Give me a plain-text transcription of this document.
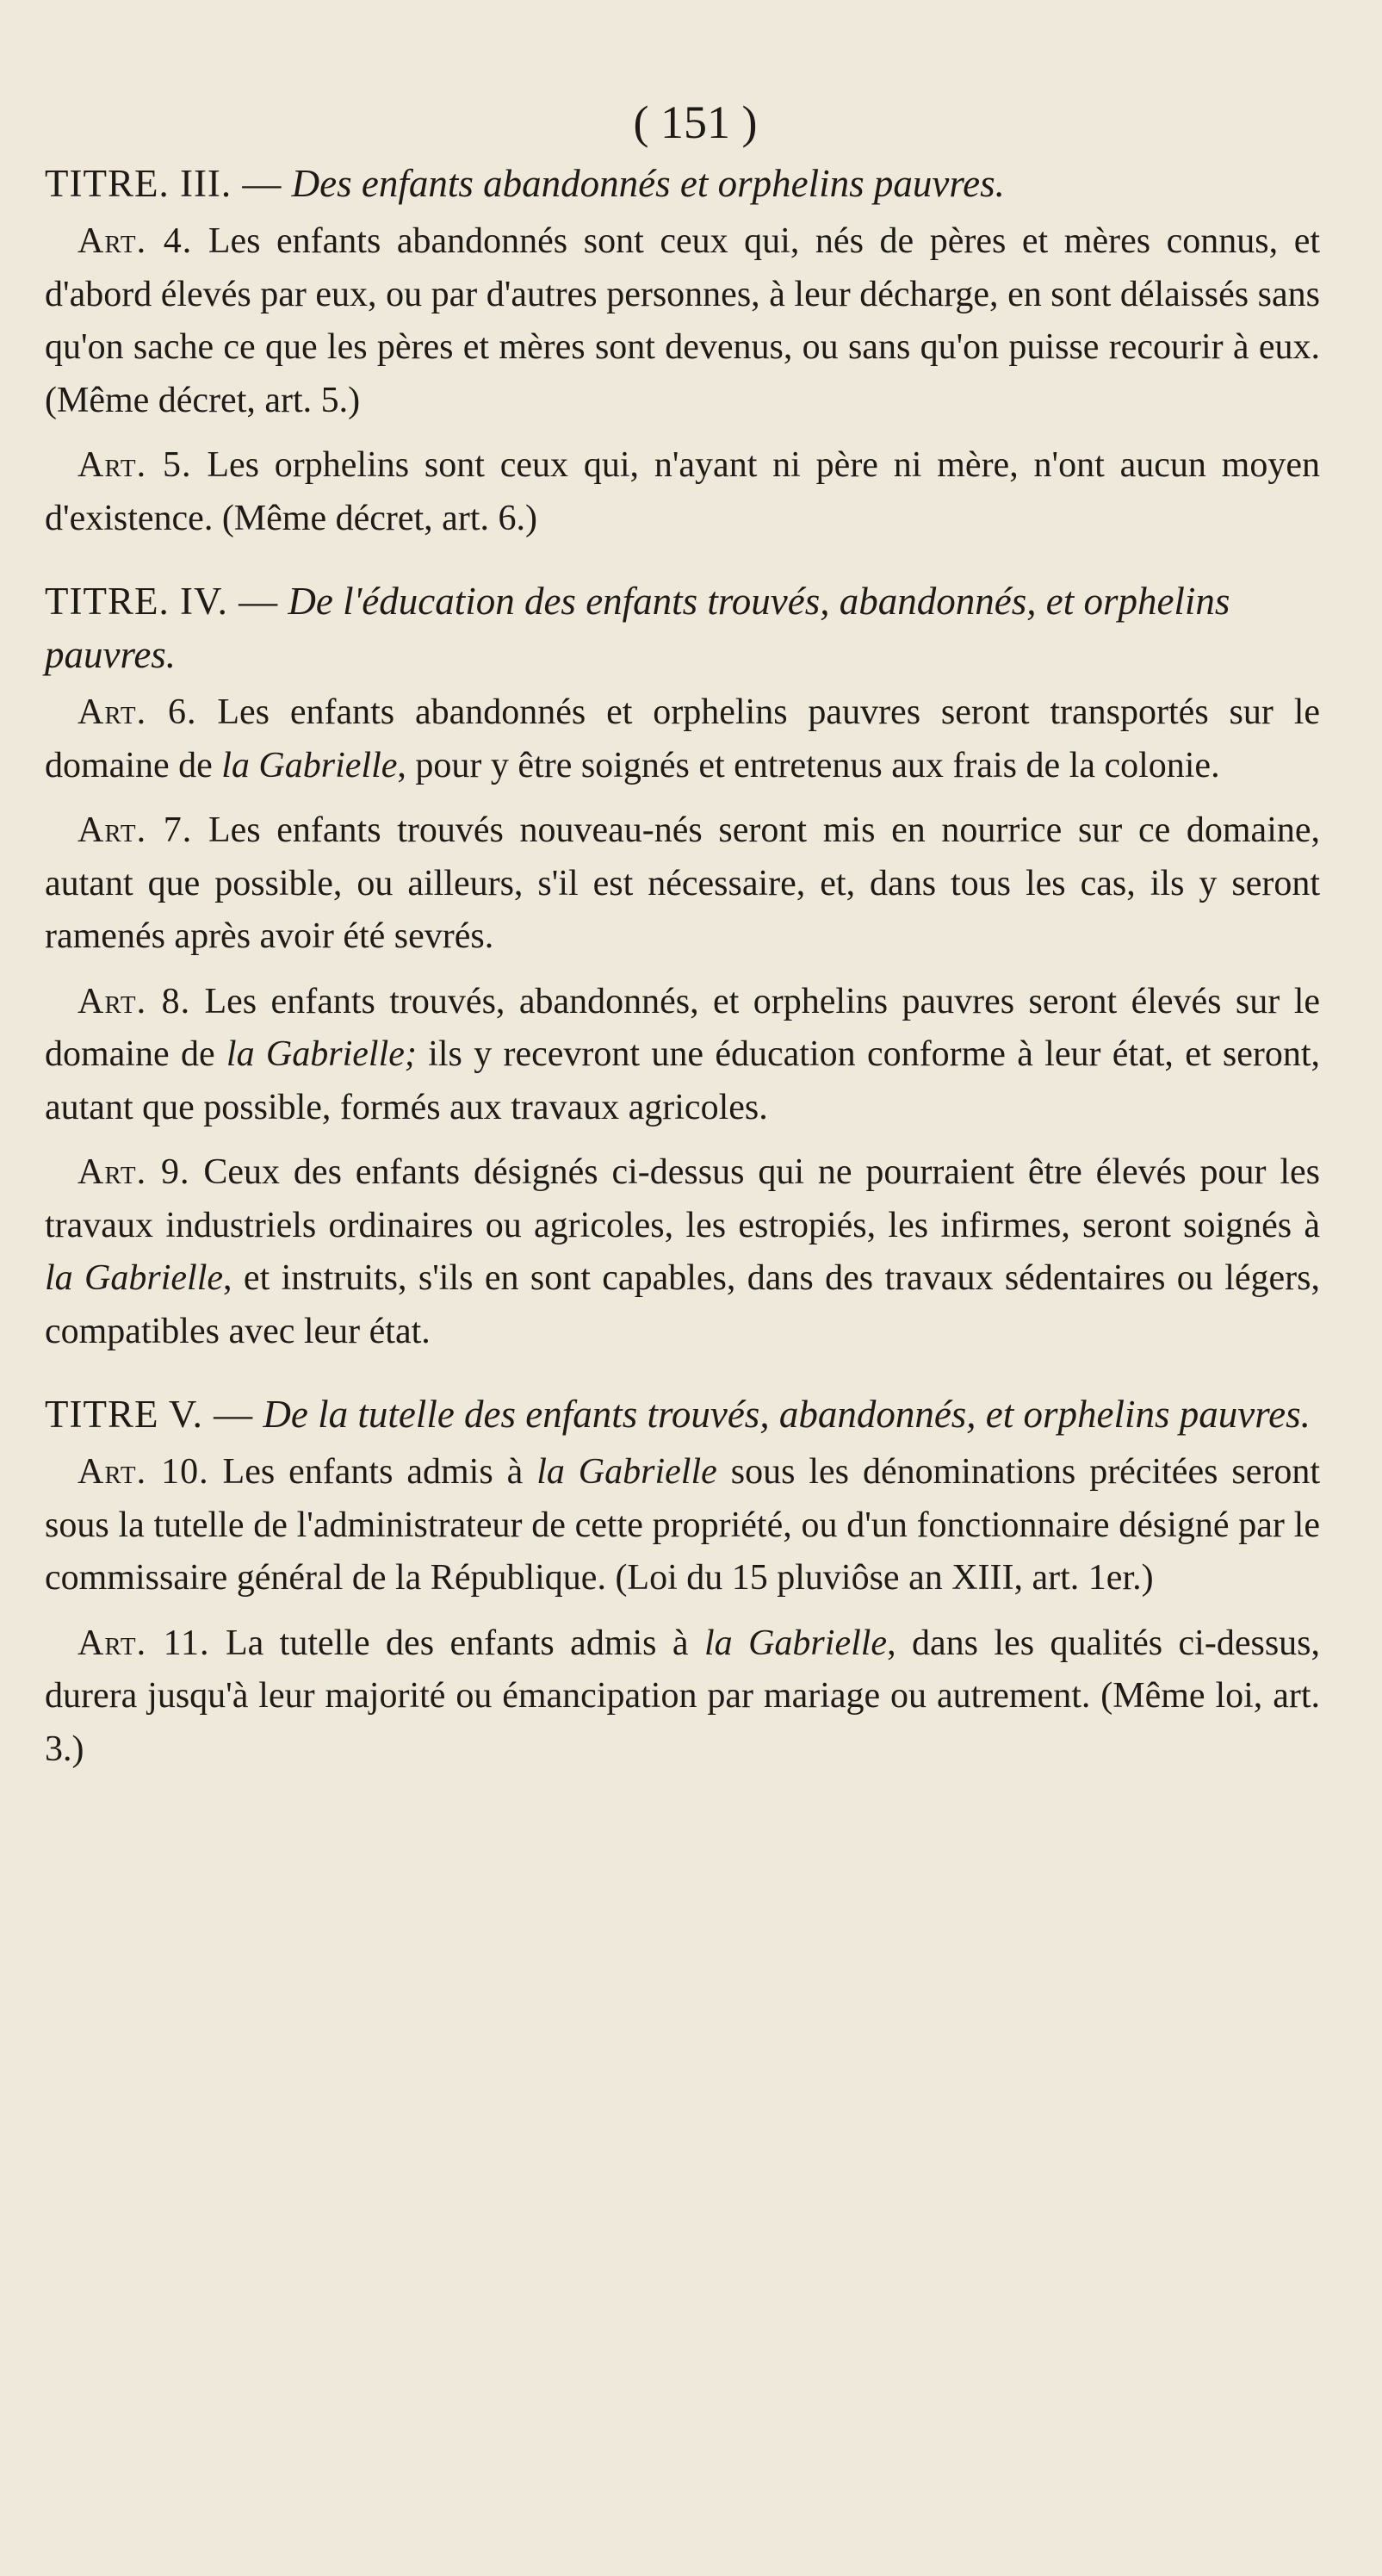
( 151 )
TITRE. III. — Des enfants abandonnés et orphelins pauvres.

Art. 4. Les enfants abandonnés sont ceux qui, nés de pères et mères connus, et d'abord élevés par eux, ou par d'autres personnes, à leur décharge, en sont délaissés sans qu'on sache ce que les pères et mères sont devenus, ou sans qu'on puisse recourir à eux. (Même décret, art. 5.)

Art. 5. Les orphelins sont ceux qui, n'ayant ni père ni mère, n'ont aucun moyen d'existence. (Même décret, art. 6.)

TITRE. IV. — De l'éducation des enfants trouvés, abandonnés, et orphelins pauvres.

Art. 6. Les enfants abandonnés et orphelins pauvres seront transportés sur le domaine de la Gabrielle, pour y être soignés et entretenus aux frais de la colonie.

Art. 7. Les enfants trouvés nouveau-nés seront mis en nourrice sur ce domaine, autant que possible, ou ailleurs, s'il est nécessaire, et, dans tous les cas, ils y seront ramenés après avoir été sevrés.

Art. 8. Les enfants trouvés, abandonnés, et orphelins pauvres seront élevés sur le domaine de la Gabrielle; ils y recevront une éducation conforme à leur état, et seront, autant que possible, formés aux travaux agricoles.

Art. 9. Ceux des enfants désignés ci-dessus qui ne pourraient être élevés pour les travaux industriels ordinaires ou agricoles, les estropiés, les infirmes, seront soignés à la Gabrielle, et instruits, s'ils en sont capables, dans des travaux sédentaires ou légers, compatibles avec leur état.

TITRE V. — De la tutelle des enfants trouvés, abandonnés, et orphelins pauvres.

Art. 10. Les enfants admis à la Gabrielle sous les dénominations précitées seront sous la tutelle de l'administrateur de cette propriété, ou d'un fonctionnaire désigné par le commissaire général de la République. (Loi du 15 pluviôse an XIII, art. 1er.)

Art. 11. La tutelle des enfants admis à la Gabrielle, dans les qualités ci-dessus, durera jusqu'à leur majorité ou émancipation par mariage ou autrement. (Même loi, art. 3.)
